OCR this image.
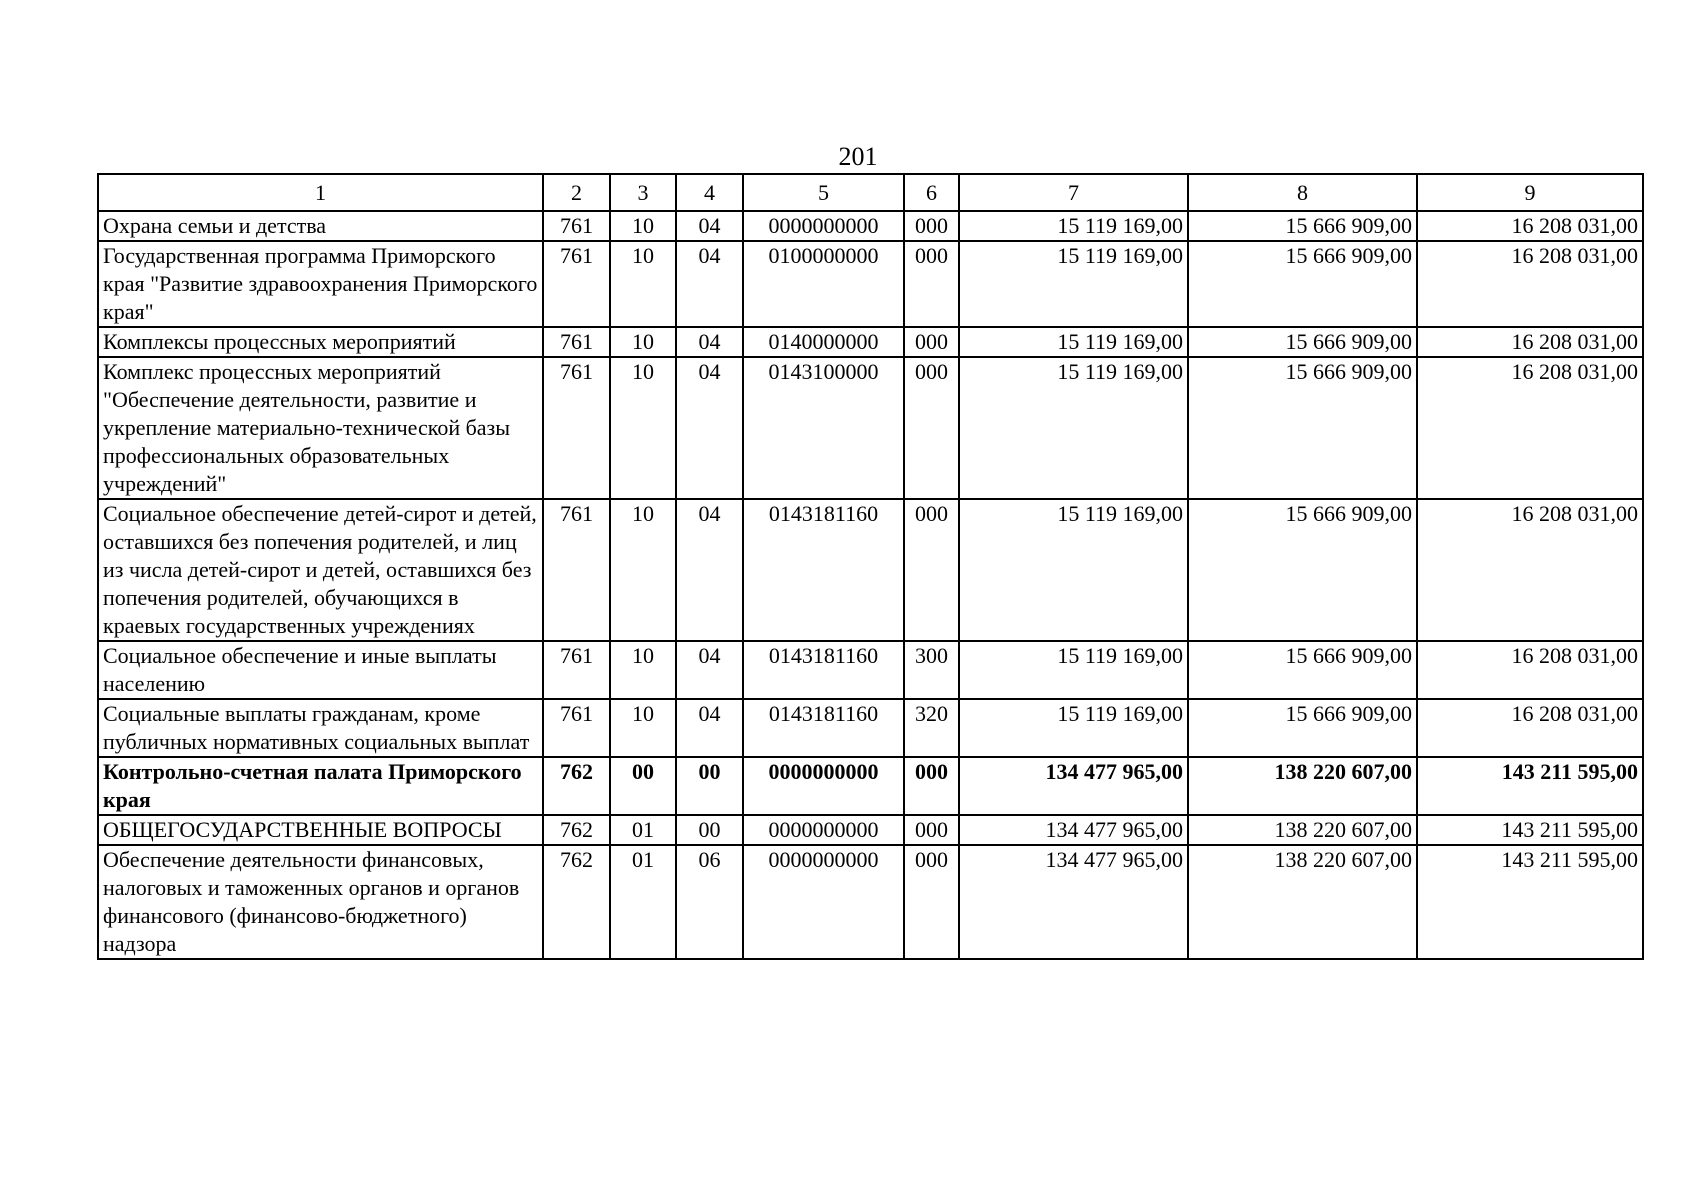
201
1	2	3	4	5	6	7	8	9
Охрана семьи и детства	761	10	04	0000000000	000	15 119 169,00	15 666 909,00	16 208 031,00
Государственная программа Приморского края "Развитие здравоохранения Приморского края"	761	10	04	0100000000	000	15 119 169,00	15 666 909,00	16 208 031,00
Комплексы процессных мероприятий	761	10	04	0140000000	000	15 119 169,00	15 666 909,00	16 208 031,00
Комплекс процессных мероприятий "Обеспечение деятельности, развитие и укрепление материально-технической базы профессиональных образовательных учреждений"	761	10	04	0143100000	000	15 119 169,00	15 666 909,00	16 208 031,00
Социальное обеспечение детей-сирот и детей, оставшихся без попечения родителей, и лиц из числа детей-сирот и детей, оставшихся без попечения родителей, обучающихся в краевых государственных учреждениях	761	10	04	0143181160	000	15 119 169,00	15 666 909,00	16 208 031,00
Социальное обеспечение и иные выплаты населению	761	10	04	0143181160	300	15 119 169,00	15 666 909,00	16 208 031,00
Социальные выплаты гражданам, кроме публичных нормативных социальных выплат	761	10	04	0143181160	320	15 119 169,00	15 666 909,00	16 208 031,00
Контрольно-счетная палата Приморского края	762	00	00	0000000000	000	134 477 965,00	138 220 607,00	143 211 595,00
ОБЩЕГОСУДАРСТВЕННЫЕ ВОПРОСЫ	762	01	00	0000000000	000	134 477 965,00	138 220 607,00	143 211 595,00
Обеспечение деятельности финансовых, налоговых и таможенных органов и органов финансового (финансово-бюджетного) надзора	762	01	06	0000000000	000	134 477 965,00	138 220 607,00	143 211 595,00
